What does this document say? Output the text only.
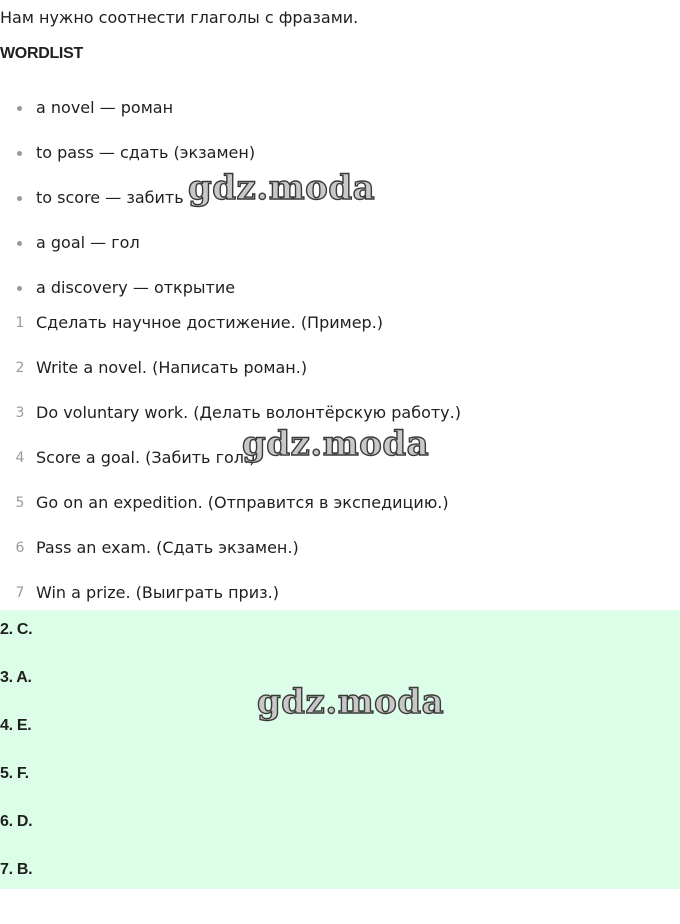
Нам нужно соотнести глаголы с фразами.
WORDLIST
a novel — роман
to pass — сдать (экзамен)
to score — забить
a goal — гол
a discovery — открытие
1 Сделать научное достижение. (Пример.)
2 Write a novel. (Написать роман.)
3 Do voluntary work. (Делать волонтёрскую работу.)
4 Score a goal. (Забить гол.)
5 Go on an expedition. (Отправится в экспедицию.)
6 Pass an exam. (Сдать экзамен.)
7 Win a prize. (Выиграть приз.)
2. C.
3. A.
4. E.
5. F.
6. D.
7. B.
gdz.moda
gdz.moda
gdz.moda
